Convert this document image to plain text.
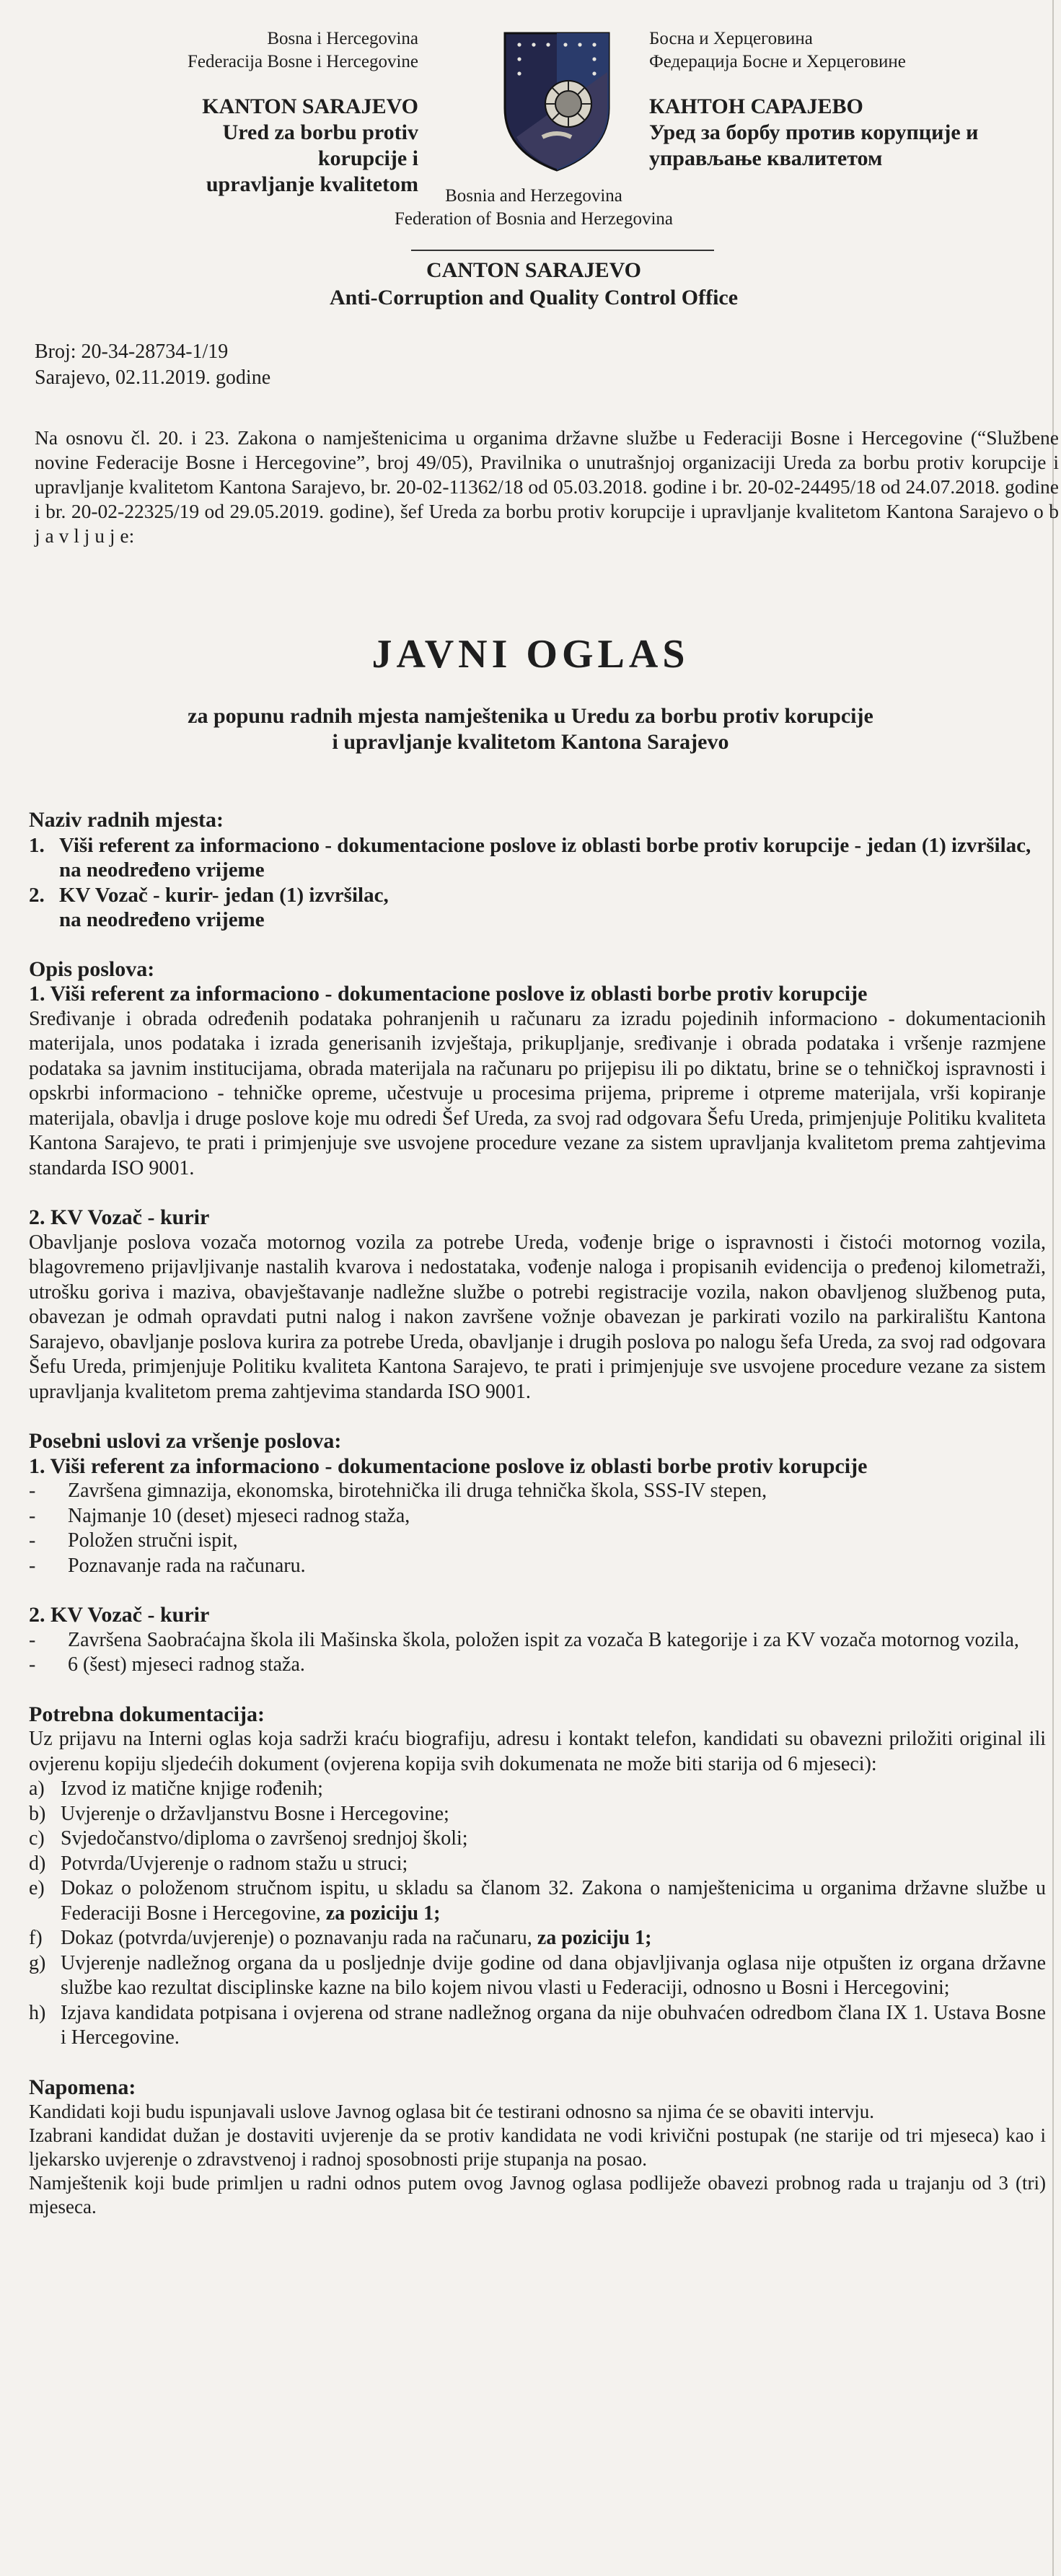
Bosna i Hercegovina
Federacija Bosne i Hercegovine
KANTON SARAJEVO
Ured za borbu protiv korupcije i
upravljanje kvalitetom
Босна и Херцеговина
Федерација Босне и Херцеговине
КАНТОН САРАЈЕВО
Уред за борбу против корупције и
управљање квалитетом
Bosnia and Herzegovina
Federation of Bosnia and Herzegovina
CANTON SARAJEVO
Anti-Corruption and Quality Control Office
Broj: 20-34-28734-1/19
Sarajevo, 02.11.2019. godine
Na osnovu čl. 20. i 23. Zakona o namještenicima u organima državne službe u Federaciji Bosne i Hercegovine (“Službene novine Federacije Bosne i Hercegovine”, broj 49/05), Pravilnika o unutrašnjoj organizaciji Ureda za borbu protiv korupcije i upravljanje kvalitetom Kantona Sarajevo, br. 20-02-11362/18 od 05.03.2018. godine i br. 20-02-24495/18 od 24.07.2018. godine i br. 20-02-22325/19 od 29.05.2019. godine), šef Ureda za borbu protiv korupcije i upravljanje kvalitetom Kantona Sarajevo o b j a v l j u j e:
JAVNI OGLAS
za popunu radnih mjesta namještenika u Uredu za borbu protiv korupcije
i upravljanje kvalitetom Kantona Sarajevo
Naziv radnih mjesta:
1. Viši referent za informaciono - dokumentacione poslove iz oblasti borbe protiv korupcije - jedan (1) izvršilac,
na neodređeno vrijeme
2. KV Vozač - kurir- jedan (1) izvršilac,
na neodređeno vrijeme
Opis poslova:
1. Viši referent za informaciono - dokumentacione poslove iz oblasti borbe protiv korupcije

Sređivanje i obrada određenih podataka pohranjenih u računaru za izradu pojedinih informaciono - dokumentacionih materijala, unos podataka i izrada generisanih izvještaja, prikupljanje, sređivanje i obrada podataka i vršenje razmjene podataka sa javnim institucijama, obrada materijala na računaru po prijepisu ili po diktatu, brine se o tehničkoj ispravnosti i opskrbi informaciono - tehničke opreme, učestvuje u procesima prijema, pripreme i otpreme materijala, vrši kopiranje materijala, obavlja i druge poslove koje mu odredi Šef Ureda, za svoj rad odgovara Šefu Ureda, primjenjuje Politiku kvaliteta Kantona Sarajevo, te prati i primjenjuje sve usvojene procedure vezane za sistem upravljanja kvalitetom prema zahtjevima standarda ISO 9001.

2. KV Vozač - kurir

Obavljanje poslova vozača motornog vozila za potrebe Ureda, vođenje brige o ispravnosti i čistoći motornog vozila, blagovremeno prijavljivanje nastalih kvarova i nedostataka, vođenje naloga i propisanih evidencija o pređenoj kilometraži, utrošku goriva i maziva, obavještavanje nadležne službe o potrebi registracije vozila, nakon obavljenog službenog puta, obavezan je odmah opravdati putni nalog i nakon završene vožnje obavezan je parkirati vozilo na parkiralištu Kantona Sarajevo, obavljanje poslova kurira za potrebe Ureda, obavljanje i drugih poslova po nalogu šefa Ureda, za svoj rad odgovara Šefu Ureda, primjenjuje Politiku kvaliteta Kantona Sarajevo, te prati i primjenjuje sve usvojene procedure vezane za sistem upravljanja kvalitetom prema zahtjevima standarda ISO 9001.

Posebni uslovi za vršenje poslova:
1. Viši referent za informaciono - dokumentacione poslove iz oblasti borbe protiv korupcije
-	Završena gimnazija, ekonomska, birotehnička ili druga tehnička škola, SSS-IV stepen,
-	Najmanje 10 (deset) mjeseci radnog staža,
-	Položen stručni ispit,
-	Poznavanje rada na računaru.
2. KV Vozač - kurir
-	Završena Saobraćajna škola ili Mašinska škola, položen ispit za vozača B kategorije i za KV vozača motornog vozila,
-	6 (šest) mjeseci radnog staža.
Potrebna dokumentacija:

Uz prijavu na Interni oglas koja sadrži kraću biografiju, adresu i kontakt telefon, kandidati su obavezni priložiti original ili ovjerenu kopiju sljedećih dokument (ovjerena kopija svih dokumenata ne može biti starija od 6 mjeseci):

a) Izvod iz matične knjige rođenih;
b) Uvjerenje o državljanstvu Bosne i Hercegovine;
c) Svjedočanstvo/diploma o završenoj srednjoj školi;
d) Potvrda/Uvjerenje o radnom stažu u struci;
e) Dokaz o položenom stručnom ispitu, u skladu sa članom 32. Zakona o namještenicima u organima državne službe u Federaciji Bosne i Hercegovine, za poziciju 1;
f) Dokaz (potvrda/uvjerenje) o poznavanju rada na računaru, za poziciju 1;
g) Uvjerenje nadležnog organa da u posljednje dvije godine od dana objavljivanja oglasa nije otpušten iz organa državne službe kao rezultat disciplinske kazne na bilo kojem nivou vlasti u Federaciji, odnosno u Bosni i Hercegovini;
h) Izjava kandidata potpisana i ovjerena od strane nadležnog organa da nije obuhvaćen odredbom člana IX 1. Ustava Bosne i Hercegovine.
Napomena:

Kandidati koji budu ispunjavali uslove Javnog oglasa bit će testirani odnosno sa njima će se obaviti intervju.

Izabrani kandidat dužan je dostaviti uvjerenje da se protiv kandidata ne vodi krivični postupak (ne starije od tri mjeseca) kao i ljekarsko uvjerenje o zdravstvenoj i radnoj sposobnosti prije stupanja na posao.

Namještenik koji bude primljen u radni odnos putem ovog Javnog oglasa podliježe obavezi probnog rada u trajanju od 3 (tri) mjeseca.
